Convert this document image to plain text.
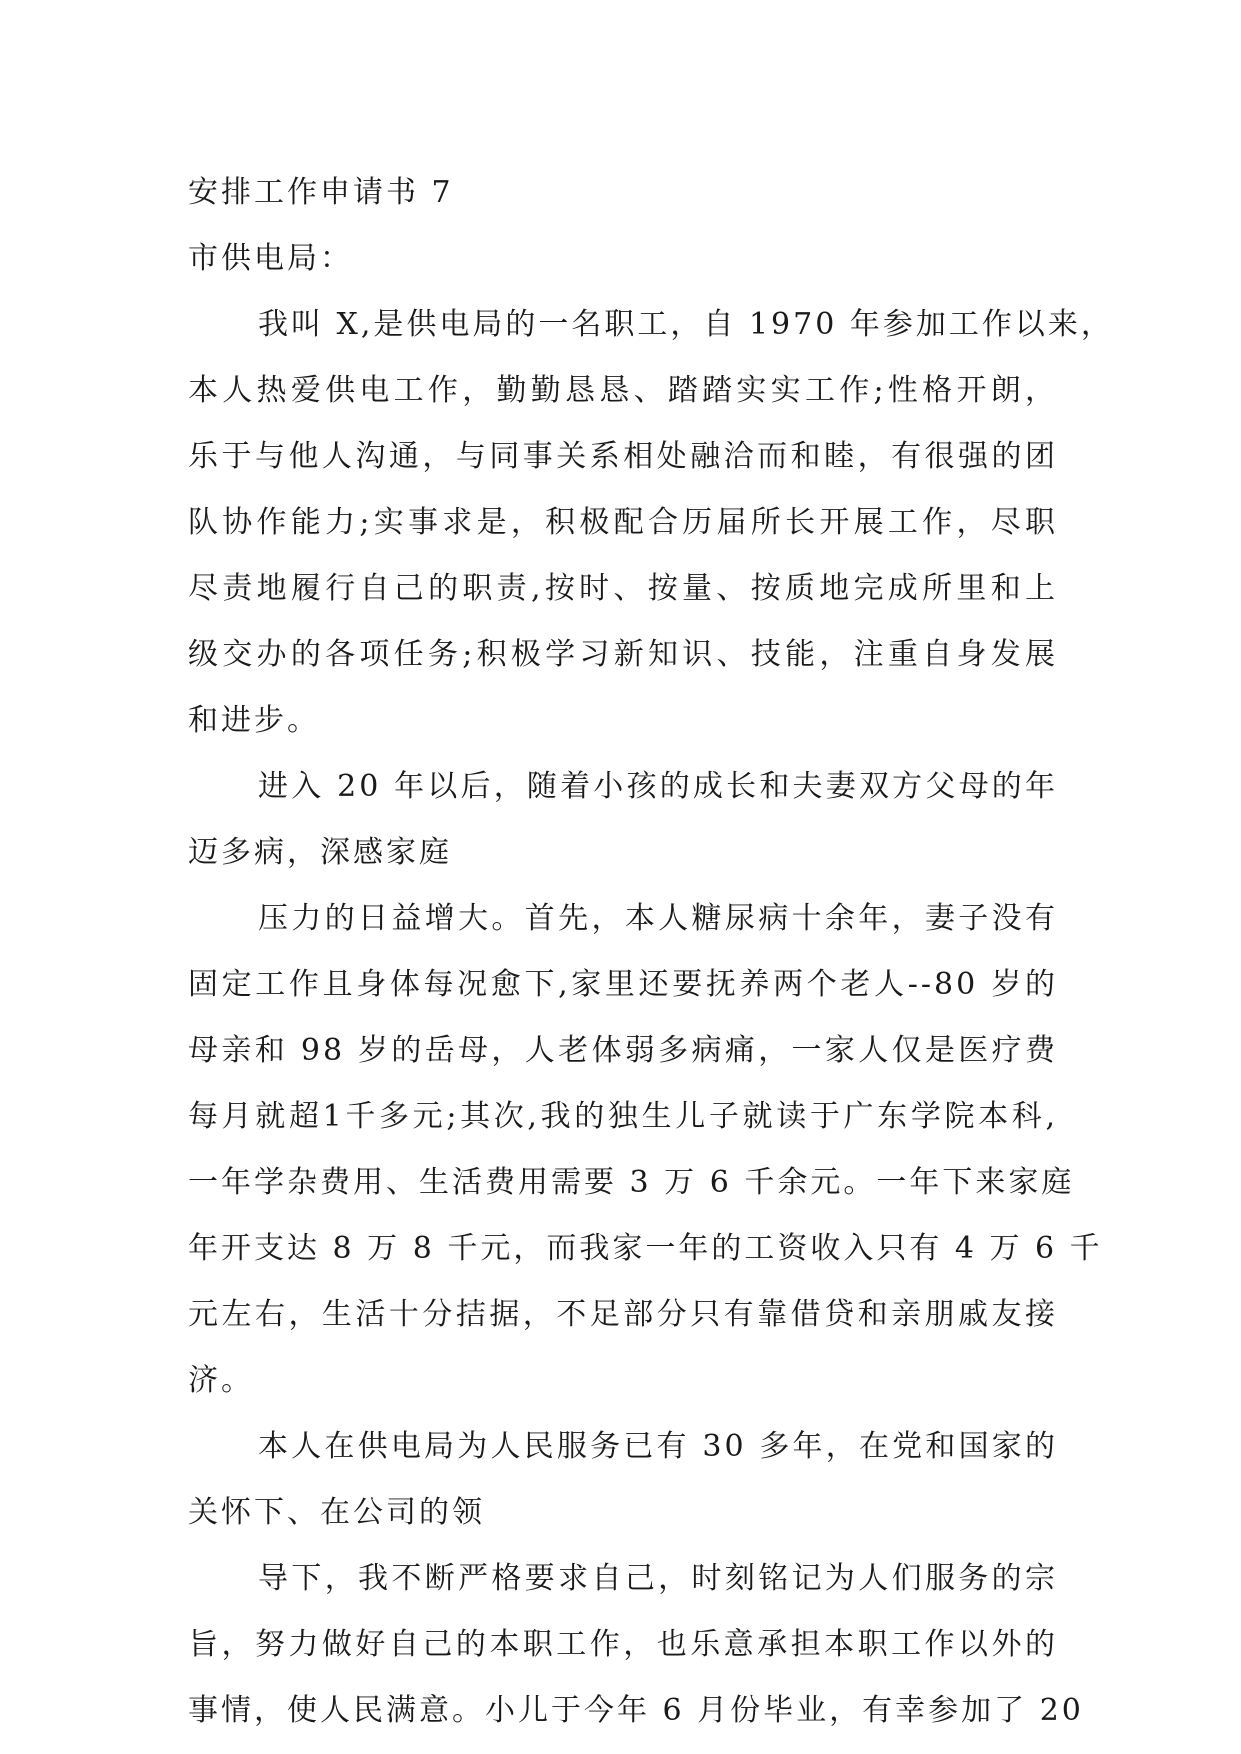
安排工作申请书 7
市供电局：
我叫 X,是供电局的一名职工，自 1970 年参加工作以来，
本人热爱供电工作，勤勤恳恳、踏踏实实工作;性格开朗，
乐于与他人沟通，与同事关系相处融洽而和睦，有很强的团
队协作能力;实事求是，积极配合历届所长开展工作，尽职
尽责地履行自己的职责,按时、按量、按质地完成所里和上
级交办的各项任务;积极学习新知识、技能，注重自身发展
和进步。
进入 20 年以后，随着小孩的成长和夫妻双方父母的年
迈多病，深感家庭
压力的日益增大。首先，本人糖尿病十余年，妻子没有
固定工作且身体每况愈下,家里还要抚养两个老人--80 岁的
母亲和 98 岁的岳母，人老体弱多病痛，一家人仅是医疗费
每月就超1千多元;其次,我的独生儿子就读于广东学院本科,
一年学杂费用、生活费用需要 3 万 6 千余元。一年下来家庭
年开支达 8 万 8 千元，而我家一年的工资收入只有 4 万 6 千
元左右，生活十分拮据，不足部分只有靠借贷和亲朋戚友接
济。
本人在供电局为人民服务已有 30 多年，在党和国家的
关怀下、在公司的领
导下，我不断严格要求自己，时刻铭记为人们服务的宗
旨，努力做好自己的本职工作，也乐意承担本职工作以外的
事情，使人民满意。小儿于今年 6 月份毕业，有幸参加了 20
